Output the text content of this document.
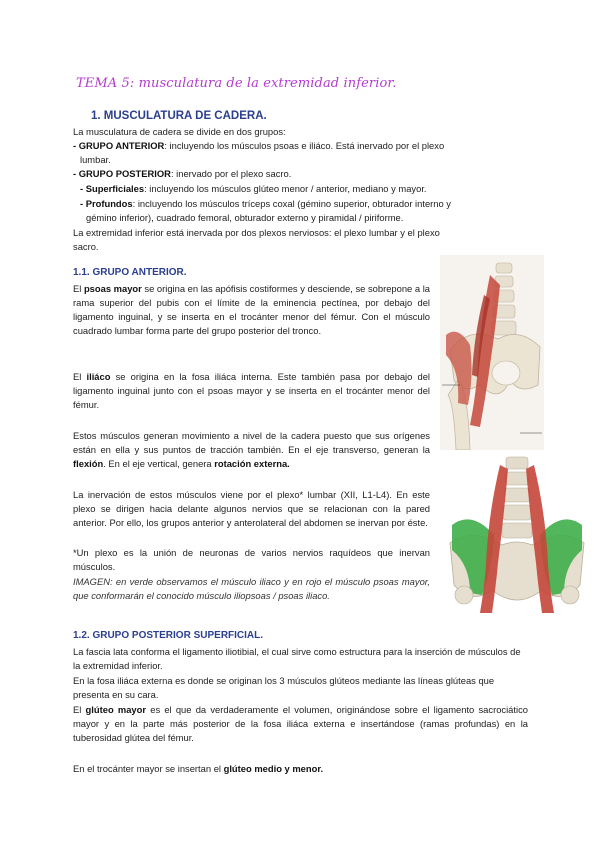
TEMA 5: musculatura de la extremidad inferior.
1. MUSCULATURA DE CADERA.
La musculatura de cadera se divide en dos grupos:
- GRUPO ANTERIOR: incluyendo los músculos psoas e iliáco. Está inervado por el plexo
lumbar.
- GRUPO POSTERIOR: inervado por el plexo sacro.
- Superficiales: incluyendo los músculos glúteo menor / anterior, mediano y mayor.
- Profundos: incluyendo los músculos tríceps coxal (gémino superior, obturador interno y
gémino inferior), cuadrado femoral, obturador externo y piramidal / piriforme.
La extremidad inferior está inervada por dos plexos nerviosos: el plexo lumbar y el plexo
sacro.
1.1. GRUPO ANTERIOR.
El psoas mayor se origina en las apófisis costiformes y desciende, se sobrepone a la rama superior del pubis con el límite de la eminencia pectínea, por debajo del ligamento inguinal, y se inserta en el trocánter menor del fémur. Con el músculo cuadrado lumbar forma parte del grupo posterior del tronco.
El iliáco se origina en la fosa iliáca interna. Este también pasa por debajo del ligamento inguinal junto con el psoas mayor y se inserta en el trocánter menor del fémur.
Estos músculos generan movimiento a nivel de la cadera puesto que sus orígenes están en ella y sus puntos de tracción también. En el eje transverso, generan la flexión. En el eje vertical, genera rotación externa.
La inervación de estos músculos viene por el plexo* lumbar (XII, L1-L4). En este plexo se dirigen hacia delante algunos nervios que se relacionan con la pared anterior. Por ello, los grupos anterior y anterolateral del abdomen se inervan por éste.
*Un plexo es la unión de neuronas de varios nervios raquídeos que inervan músculos.
IMAGEN: en verde observamos el músculo iliaco y en rojo el músculo psoas mayor, que conformarán el conocido músculo iliopsoas / psoas iliaco.
1.2. GRUPO POSTERIOR SUPERFICIAL.
La fascia lata conforma el ligamento iliotibial, el cual sirve como estructura para la inserción de músculos de la extremidad inferior.
En la fosa iliáca externa es donde se originan los 3 músculos glúteos mediante las líneas glúteas que presenta en su cara.
El glúteo mayor es el que da verdaderamente el volumen, originándose sobre el ligamento sacrociático mayor y en la parte más posterior de la fosa iliáca externa e insertándose (ramas profundas) en la tuberosidad glútea del fémur.
En el trocánter mayor se insertan el glúteo medio y menor.
